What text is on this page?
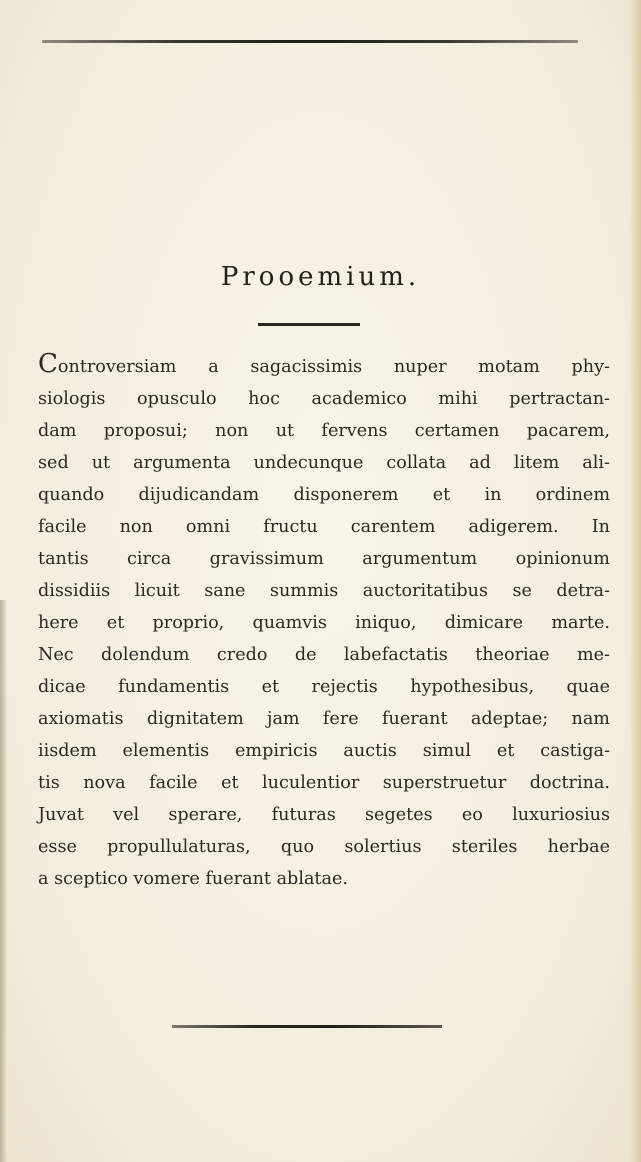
Prooemium.
Controversiam a sagacissimis nuper motam phy-
siologis opusculo hoc academico mihi pertractan-
dam proposui; non ut fervens certamen pacarem,
sed ut argumenta undecunque collata ad litem ali-
quando dijudicandam disponerem et in ordinem
facile non omni fructu carentem adigerem. In
tantis circa gravissimum argumentum opinionum
dissidiis licuit sane summis auctoritatibus se detra-
here et proprio, quamvis iniquo, dimicare marte.
Nec dolendum credo de labefactatis theoriae me-
dicae fundamentis et rejectis hypothesibus, quae
axiomatis dignitatem jam fere fuerant adeptae; nam
iisdem elementis empiricis auctis simul et castiga-
tis nova facile et luculentior superstruetur doctrina.
Juvat vel sperare, futuras segetes eo luxuriosius
esse propullulaturas, quo solertius steriles herbae
a sceptico vomere fuerant ablatae.
